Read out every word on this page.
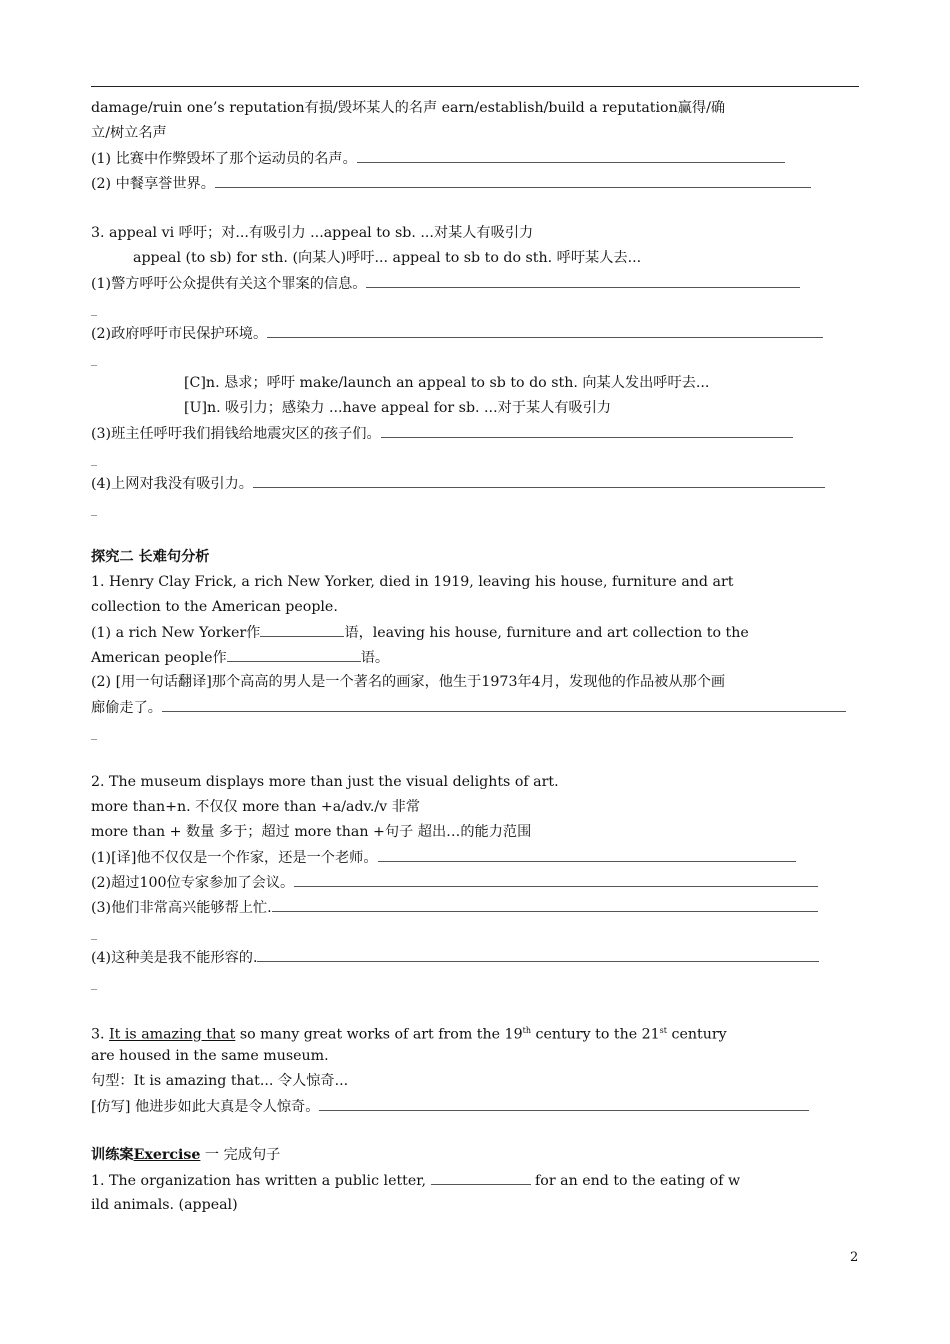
damage/ruin one’s reputation有损/毁坏某人的名声 earn/establish/build a reputation赢得/确
立/树立名声
(1) 比赛中作弊毁坏了那个运动员的名声。
(2) 中餐享誉世界。
3. appeal vi 呼吁；对...有吸引力 ...appeal to sb. ...对某人有吸引力
appeal (to sb) for sth. (向某人)呼吁... appeal to sb to do sth. 呼吁某人去...
(1)警方呼吁公众提供有关这个罪案的信息。
_
(2)政府呼吁市民保护环境。
_
[C]n. 恳求；呼吁 make/launch an appeal to sb to do sth. 向某人发出呼吁去...
[U]n. 吸引力；感染力 ...have appeal for sb. ...对于某人有吸引力
(3)班主任呼吁我们捐钱给地震灾区的孩子们。
_
(4)上网对我没有吸引力。
_
探究二 长难句分析
1. Henry Clay Frick, a rich New Yorker, died in 1919, leaving his house, furniture and art
collection to the American people.
(1) a rich New Yorker作	语，leaving his house, furniture and art collection to the
American people作	语。
(2) [用一句话翻译]那个高高的男人是一个著名的画家，他生于1973年4月，发现他的作品被从那个画
廊偷走了。
_
2. The museum displays more than just the visual delights of art.
more than+n. 不仅仅 more than +a/adv./v 非常
more than + 数量 多于；超过 more than +句子 超出…的能力范围
(1)[译]他不仅仅是一个作家，还是一个老师。
(2)超过100位专家参加了会议。
(3)他们非常高兴能够帮上忙.
_
(4)这种美是我不能形容的.
_
3. It is amazing that so many great works of art from the 19th century to the 21st century
are housed in the same museum.
句型：It is amazing that... 令人惊奇...
[仿写] 他进步如此大真是令人惊奇。
训练案Exercise 一 完成句子
1. The organization has written a public letter,	for an end to the eating of w
ild animals. (appeal)
2
